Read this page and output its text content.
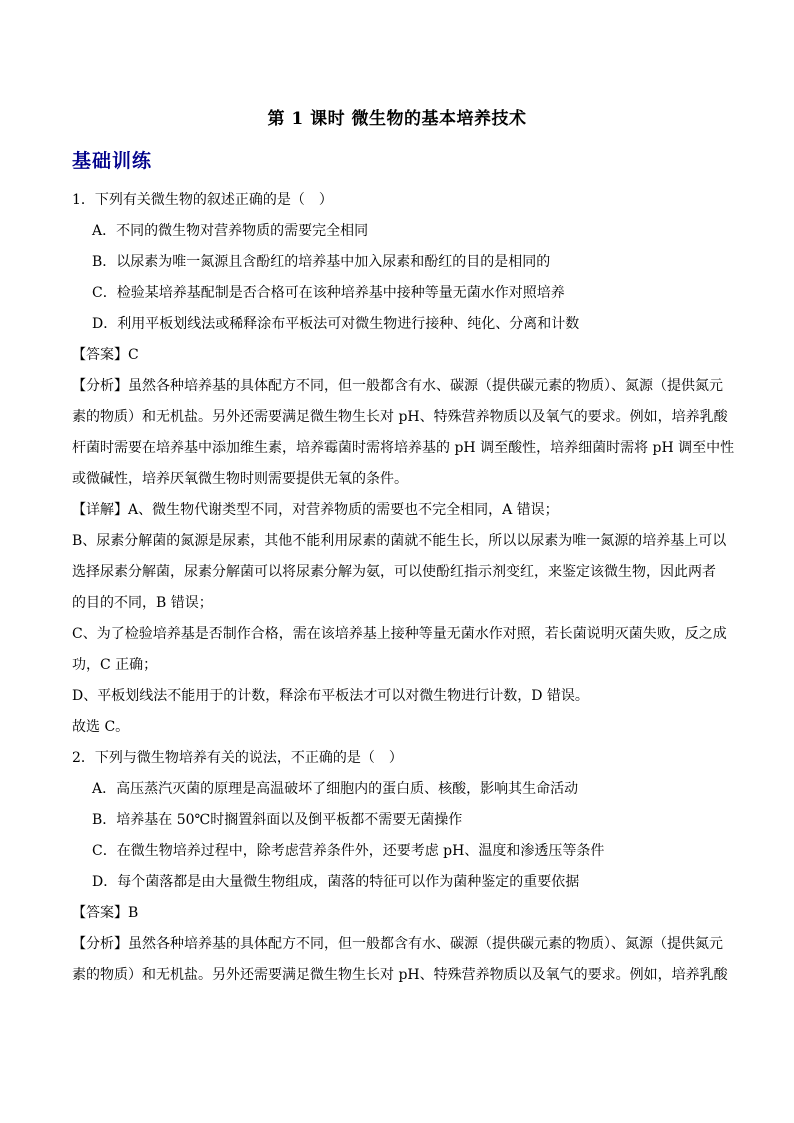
第 1 课时 微生物的基本培养技术
基础训练

1．下列有关微生物的叙述正确的是（　）

A．不同的微生物对营养物质的需要完全相同

B．以尿素为唯一氮源且含酚红的培养基中加入尿素和酚红的目的是相同的

C．检验某培养基配制是否合格可在该种培养基中接种等量无菌水作对照培养

D．利用平板划线法或稀释涂布平板法可对微生物进行接种、纯化、分离和计数

【答案】C

【分析】虽然各种培养基的具体配方不同，但一般都含有水、碳源（提供碳元素的物质）、氮源（提供氮元

素的物质）和无机盐。另外还需要满足微生物生长对 pH、特殊营养物质以及氧气的要求。例如，培养乳酸

杆菌时需要在培养基中添加维生素，培养霉菌时需将培养基的 pH 调至酸性，培养细菌时需将 pH 调至中性

或微碱性，培养厌氧微生物时则需要提供无氧的条件。

【详解】A、微生物代谢类型不同，对营养物质的需要也不完全相同，A 错误；

B、尿素分解菌的氮源是尿素，其他不能利用尿素的菌就不能生长，所以以尿素为唯一氮源的培养基上可以

选择尿素分解菌，尿素分解菌可以将尿素分解为氨，可以使酚红指示剂变红，来鉴定该微生物，因此两者

的目的不同，B 错误；

C、为了检验培养基是否制作合格，需在该培养基上接种等量无菌水作对照，若长菌说明灭菌失败，反之成

功，C 正确；

D、平板划线法不能用于的计数，释涂布平板法才可以对微生物进行计数，D 错误。

故选 C。

2．下列与微生物培养有关的说法，不正确的是（　）

A．高压蒸汽灭菌的原理是高温破坏了细胞内的蛋白质、核酸，影响其生命活动

B．培养基在 50℃时搁置斜面以及倒平板都不需要无菌操作

C．在微生物培养过程中，除考虑营养条件外，还要考虑 pH、温度和渗透压等条件

D．每个菌落都是由大量微生物组成，菌落的特征可以作为菌种鉴定的重要依据

【答案】B

【分析】虽然各种培养基的具体配方不同，但一般都含有水、碳源（提供碳元素的物质）、氮源（提供氮元

素的物质）和无机盐。另外还需要满足微生物生长对 pH、特殊营养物质以及氧气的要求。例如，培养乳酸
